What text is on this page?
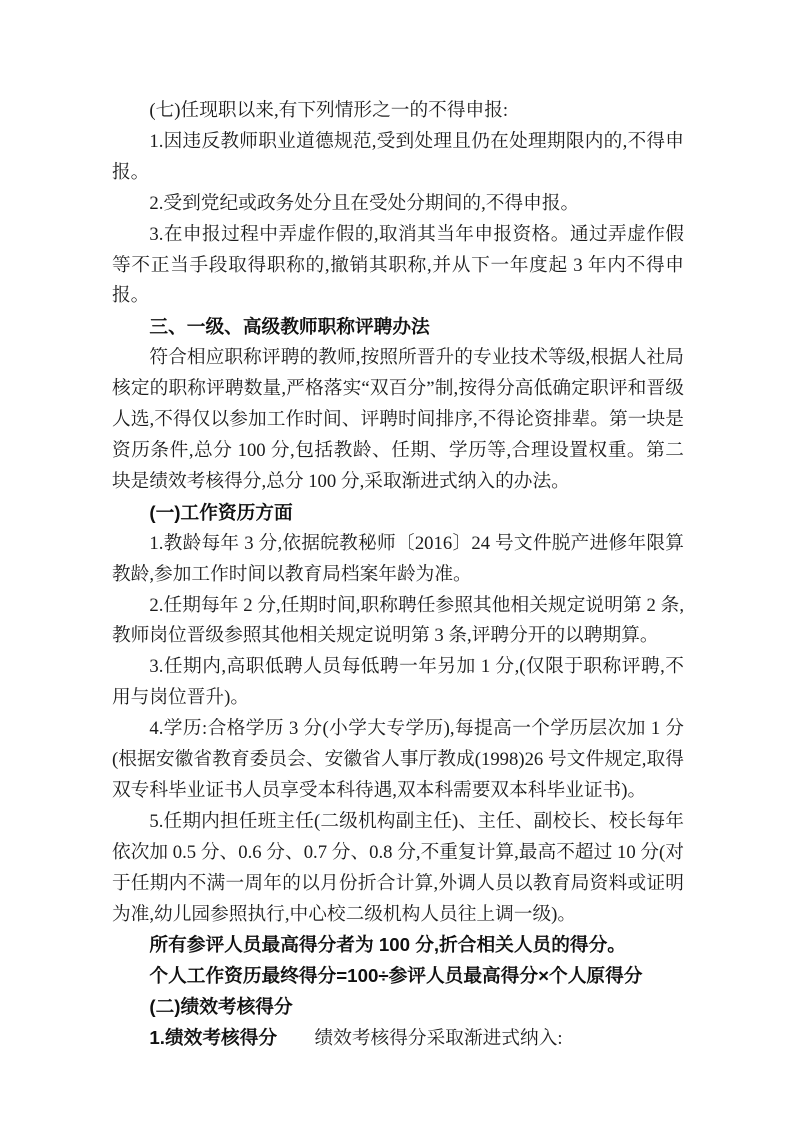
(七)任现职以来,有下列情形之一的不得申报:

1.因违反教师职业道德规范,受到处理且仍在处理期限内的,不得申报。

2.受到党纪或政务处分且在受处分期间的,不得申报。

3.在申报过程中弄虚作假的,取消其当年申报资格。通过弄虚作假等不正当手段取得职称的,撤销其职称,并从下一年度起 3 年内不得申报。

三、一级、高级教师职称评聘办法

符合相应职称评聘的教师,按照所晋升的专业技术等级,根据人社局核定的职称评聘数量,严格落实“双百分”制,按得分高低确定职评和晋级人选,不得仅以参加工作时间、评聘时间排序,不得论资排辈。第一块是资历条件,总分 100 分,包括教龄、任期、学历等,合理设置权重。第二块是绩效考核得分,总分 100 分,采取渐进式纳入的办法。

(一)工作资历方面

1.教龄每年 3 分,依据皖教秘师〔2016〕24 号文件脱产进修年限算教龄,参加工作时间以教育局档案年龄为准。

2.任期每年 2 分,任期时间,职称聘任参照其他相关规定说明第 2 条,教师岗位晋级参照其他相关规定说明第 3 条,评聘分开的以聘期算。

3.任期内,高职低聘人员每低聘一年另加 1 分,(仅限于职称评聘,不用与岗位晋升)。

4.学历:合格学历 3 分(小学大专学历),每提高一个学历层次加 1 分(根据安徽省教育委员会、安徽省人事厅教成(1998)26 号文件规定,取得双专科毕业证书人员享受本科待遇,双本科需要双本科毕业证书)。

5.任期内担任班主任(二级机构副主任)、主任、副校长、校长每年依次加 0.5 分、0.6 分、0.7 分、0.8 分,不重复计算,最高不超过 10 分(对于任期内不满一周年的以月份折合计算,外调人员以教育局资料或证明为准,幼儿园参照执行,中心校二级机构人员往上调一级)。

所有参评人员最高得分者为 100 分,折合相关人员的得分。

个人工作资历最终得分=100÷参评人员最高得分×个人原得分

(二)绩效考核得分

1.绩效考核得分　　绩效考核得分采取渐进式纳入:
